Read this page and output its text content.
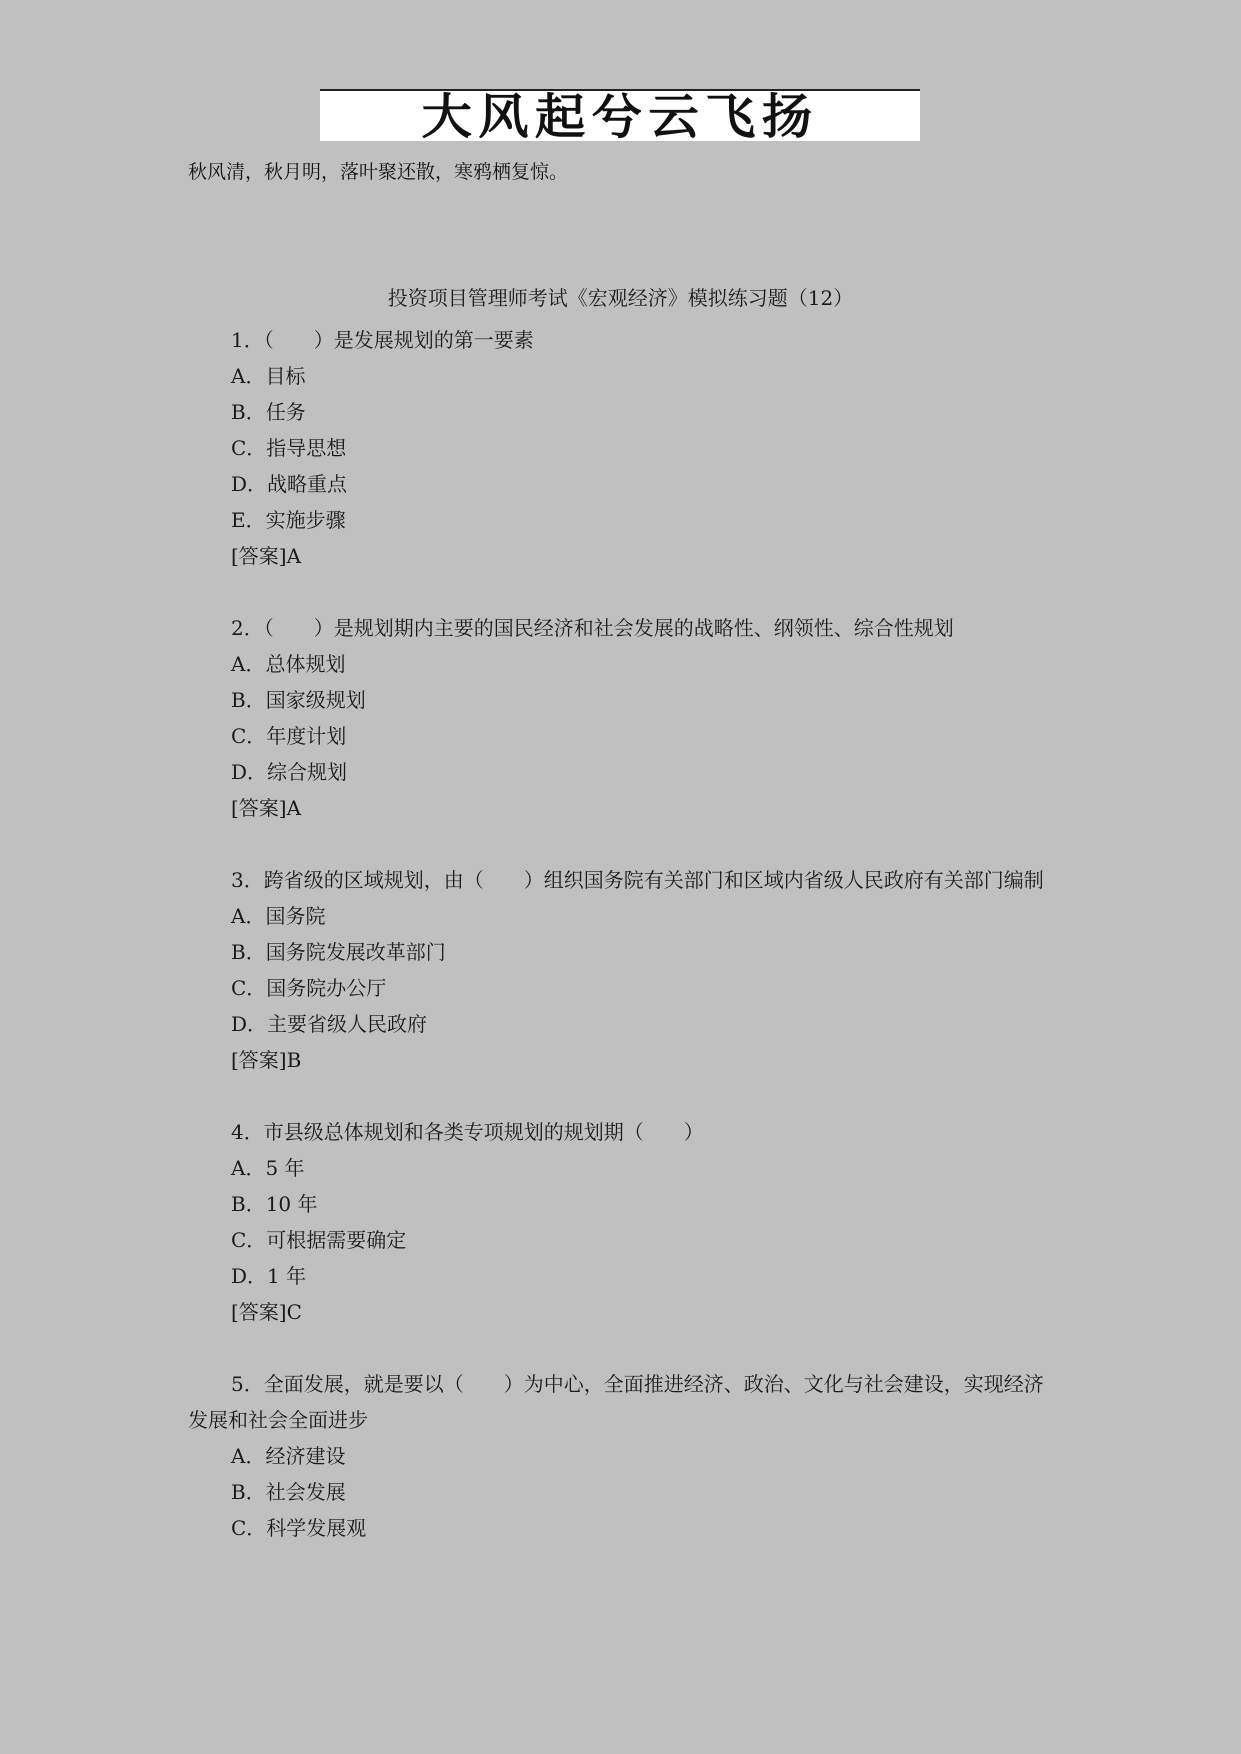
大风起兮云飞扬
秋风清，秋月明，落叶聚还散，寒鸦栖复惊。
投资项目管理师考试《宏观经济》模拟练习题（12）
1．（　　）是发展规划的第一要素
A．目标
B．任务
C．指导思想
D．战略重点
E．实施步骤
[答案]A
2．（　　）是规划期内主要的国民经济和社会发展的战略性、纲领性、综合性规划
A．总体规划
B．国家级规划
C．年度计划
D．综合规划
[答案]A
3．跨省级的区域规划，由（　　）组织国务院有关部门和区域内省级人民政府有关部门编制
A．国务院
B．国务院发展改革部门
C．国务院办公厅
D．主要省级人民政府
[答案]B
4．市县级总体规划和各类专项规划的规划期（　　）
A．5 年
B．10 年
C．可根据需要确定
D．1 年
[答案]C
5．全面发展，就是要以（　　）为中心，全面推进经济、政治、文化与社会建设，实现经济发展和社会全面进步
A．经济建设
B．社会发展
C．科学发展观
